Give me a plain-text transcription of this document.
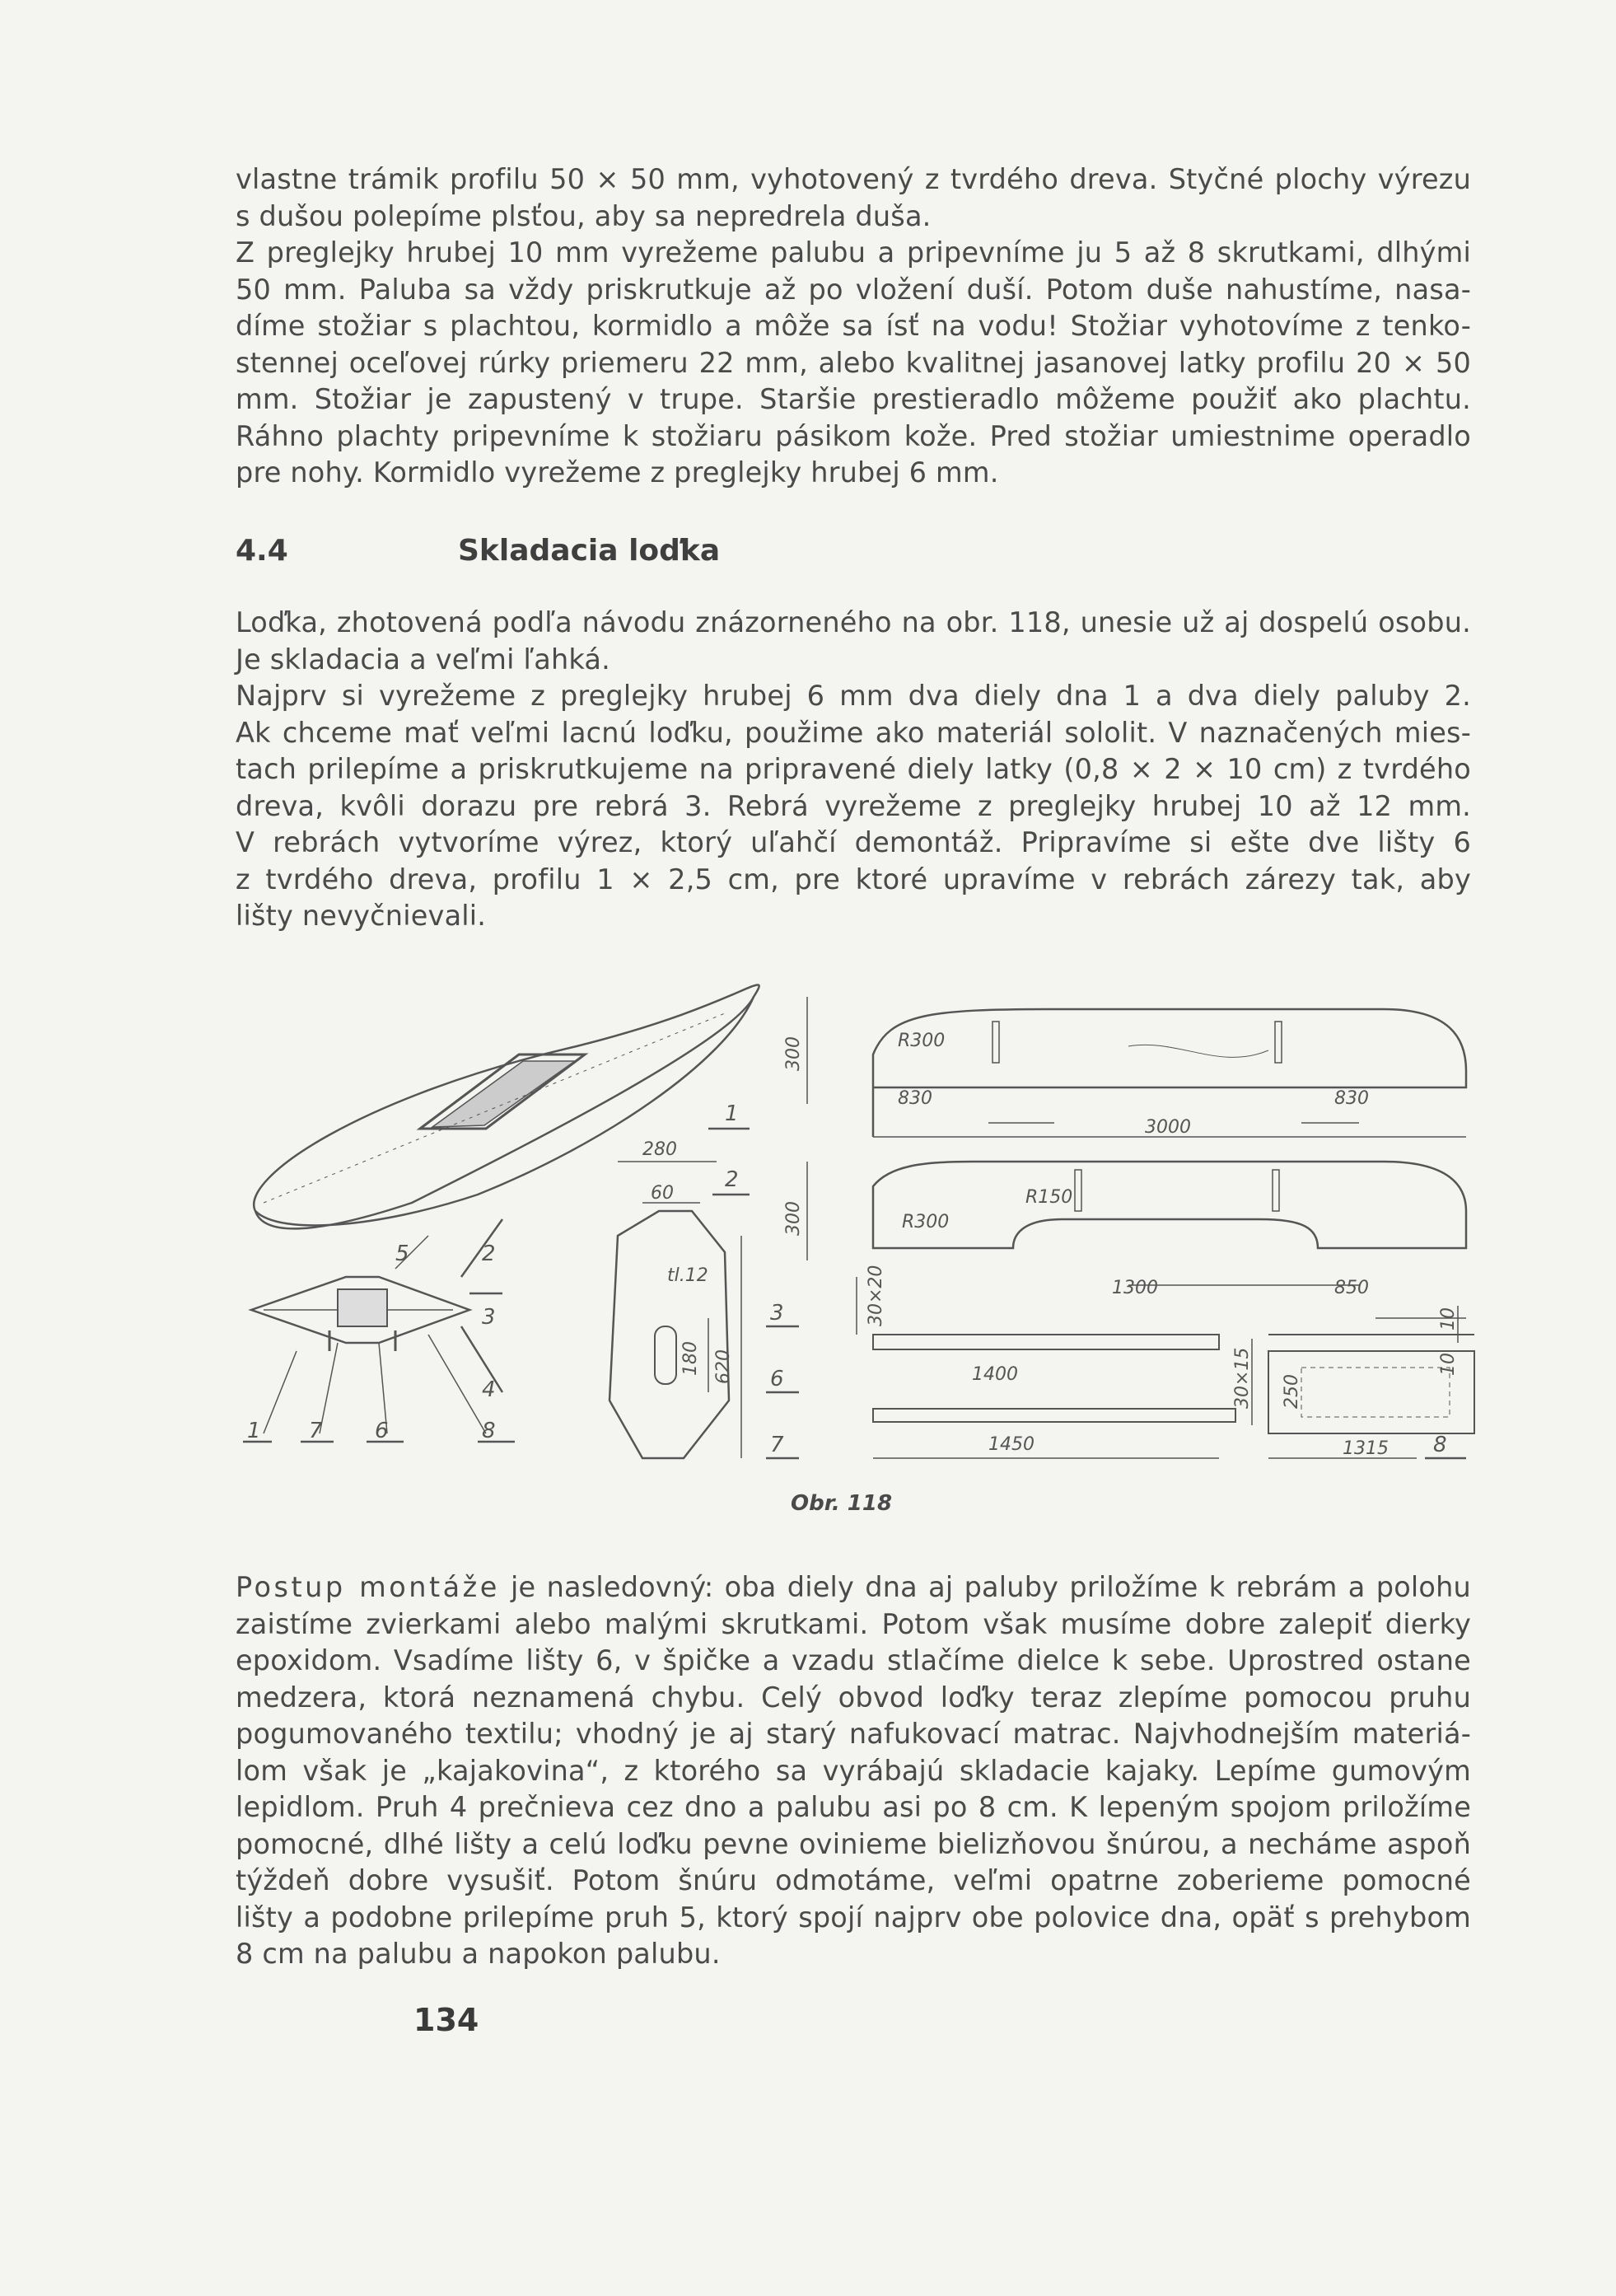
vlastne trámik profilu 50 × 50 mm, vyhotovený z tvrdého dreva. Styčné plochy výrezu
s dušou polepíme plsťou, aby sa nepredrela duša.
Z preglejky hrubej 10 mm vyrežeme palubu a pripevníme ju 5 až 8 skrutkami, dlhými
50 mm. Paluba sa vždy priskrutkuje až po vložení duší. Potom duše nahustíme, nasa-
díme stožiar s plachtou, kormidlo a môže sa ísť na vodu! Stožiar vyhotovíme z tenko-
stennej oceľovej rúrky priemeru 22 mm, alebo kvalitnej jasanovej latky profilu 20 × 50
mm. Stožiar je zapustený v trupe. Staršie prestieradlo môžeme použiť ako plachtu.
Ráhno plachty pripevníme k stožiaru pásikom kože. Pred stožiar umiestnime operadlo
pre nohy. Kormidlo vyrežeme z preglejky hrubej 6 mm.
4.4	Skladacia loďka
Loďka, zhotovená podľa návodu znázorneného na obr. 118, unesie už aj dospelú osobu.
Je skladacia a veľmi ľahká.
Najprv si vyrežeme z preglejky hrubej 6 mm dva diely dna 1 a dva diely paluby 2.
Ak chceme mať veľmi lacnú loďku, použime ako materiál sololit. V naznačených mies-
tach prilepíme a priskrutkujeme na pripravené diely latky (0,8 × 2 × 10 cm) z tvrdého
dreva, kvôli dorazu pre rebrá 3. Rebrá vyrežeme z preglejky hrubej 10 až 12 mm.
V rebrách vytvoríme výrez, ktorý uľahčí demontáž. Pripravíme si ešte dve lišty 6
z tvrdého dreva, profilu 1 × 2,5 cm, pre ktoré upravíme v rebrách zárezy tak, aby
lišty nevyčnievali.
1 7 6	8
4
3
2
5
1
2
3
6
7	8
280
60
tl.12
180 620
300
300
R300
R300
R150
830	830
3000
1300	850
30×20
1400	30×15
1450
250
1315
10
10
Obr. 118
Postup montáže je nasledovný: oba diely dna aj paluby priložíme k rebrám a polohu
zaistíme zvierkami alebo malými skrutkami. Potom však musíme dobre zalepiť dierky
epoxidom. Vsadíme lišty 6, v špičke a vzadu stlačíme dielce k sebe. Uprostred ostane
medzera, ktorá neznamená chybu. Celý obvod loďky teraz zlepíme pomocou pruhu
pogumovaného textilu; vhodný je aj starý nafukovací matrac. Najvhodnejším materiá-
lom však je „kajakovina“, z ktorého sa vyrábajú skladacie kajaky. Lepíme gumovým
lepidlom. Pruh 4 prečnieva cez dno a palubu asi po 8 cm. K lepeným spojom priložíme
pomocné, dlhé lišty a celú loďku pevne ovinieme bielizňovou šnúrou, a necháme aspoň
týždeň dobre vysušiť. Potom šnúru odmotáme, veľmi opatrne zoberieme pomocné
lišty a podobne prilepíme pruh 5, ktorý spojí najprv obe polovice dna, opäť s prehybom
8 cm na palubu a napokon palubu.
134
